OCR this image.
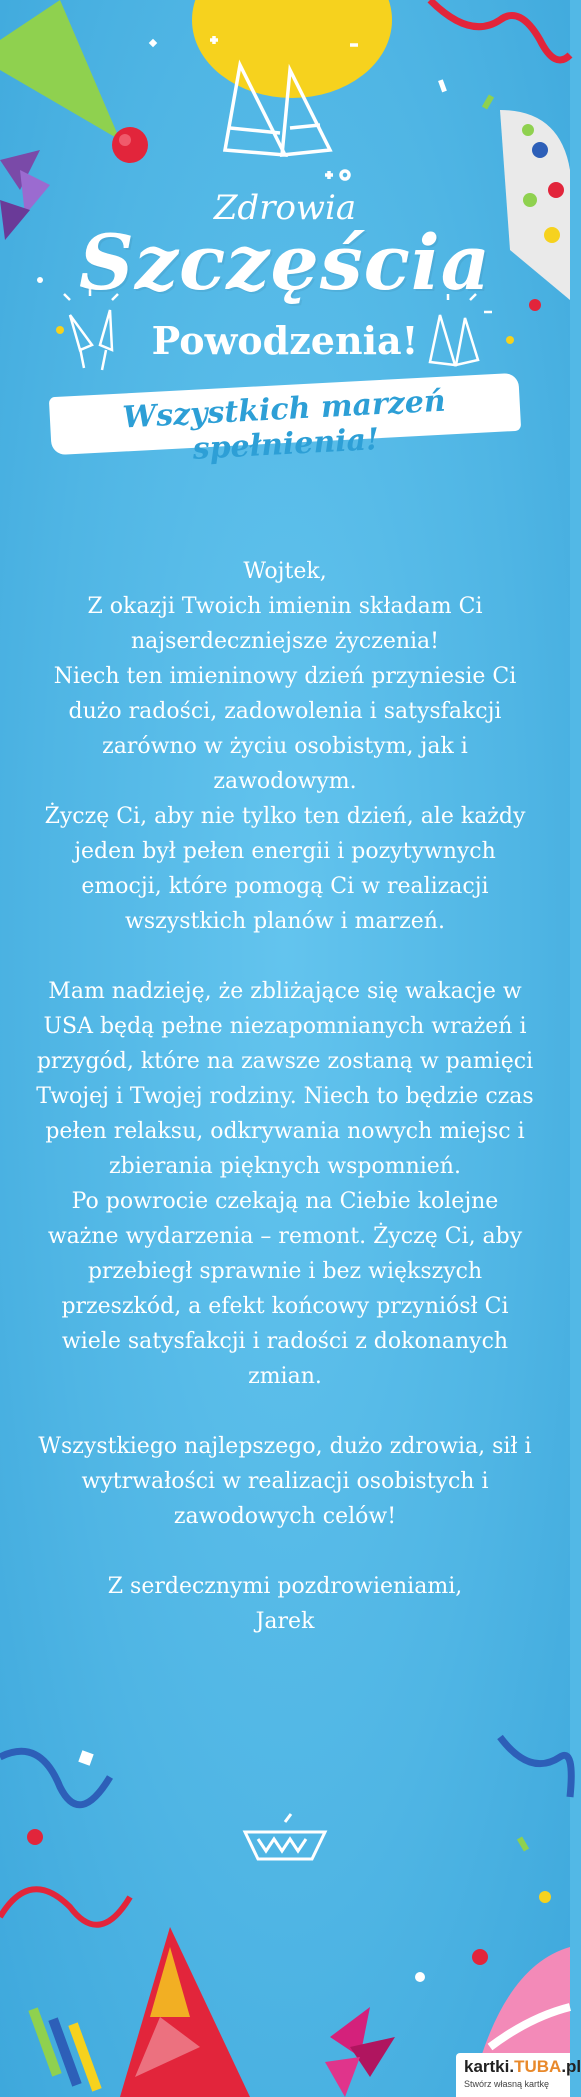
Zdrowia
Szczęścia
Powodzenia!
Wszystkich marzeń spełnienia!

Wojtek,

Z okazji Twoich imienin składam Ci najserdeczniejsze życzenia!

Niech ten imieninowy dzień przyniesie Ci dużo radości, zadowolenia i satysfakcji zarówno w życiu osobistym, jak i zawodowym.

Życzę Ci, aby nie tylko ten dzień, ale każdy jeden był pełen energii i pozytywnych emocji, które pomogą Ci w realizacji wszystkich planów i marzeń.

Mam nadzieję, że zbliżające się wakacje w USA będą pełne niezapomnianych wrażeń i przygód, które na zawsze zostaną w pamięci Twojej i Twojej rodziny. Niech to będzie czas pełen relaksu, odkrywania nowych miejsc i zbierania pięknych wspomnień.

Po powrocie czekają na Ciebie kolejne ważne wydarzenia – remont. Życzę Ci, aby przebiegł sprawnie i bez większych przeszkód, a efekt końcowy przyniósł Ci wiele satysfakcji i radości z dokonanych zmian.

Wszystkiego najlepszego, dużo zdrowia, sił i wytrwałości w realizacji osobistych i zawodowych celów!

Z serdecznymi pozdrowieniami,

Jarek

kartki.TUBA.pl
Stwórz własną kartkę
